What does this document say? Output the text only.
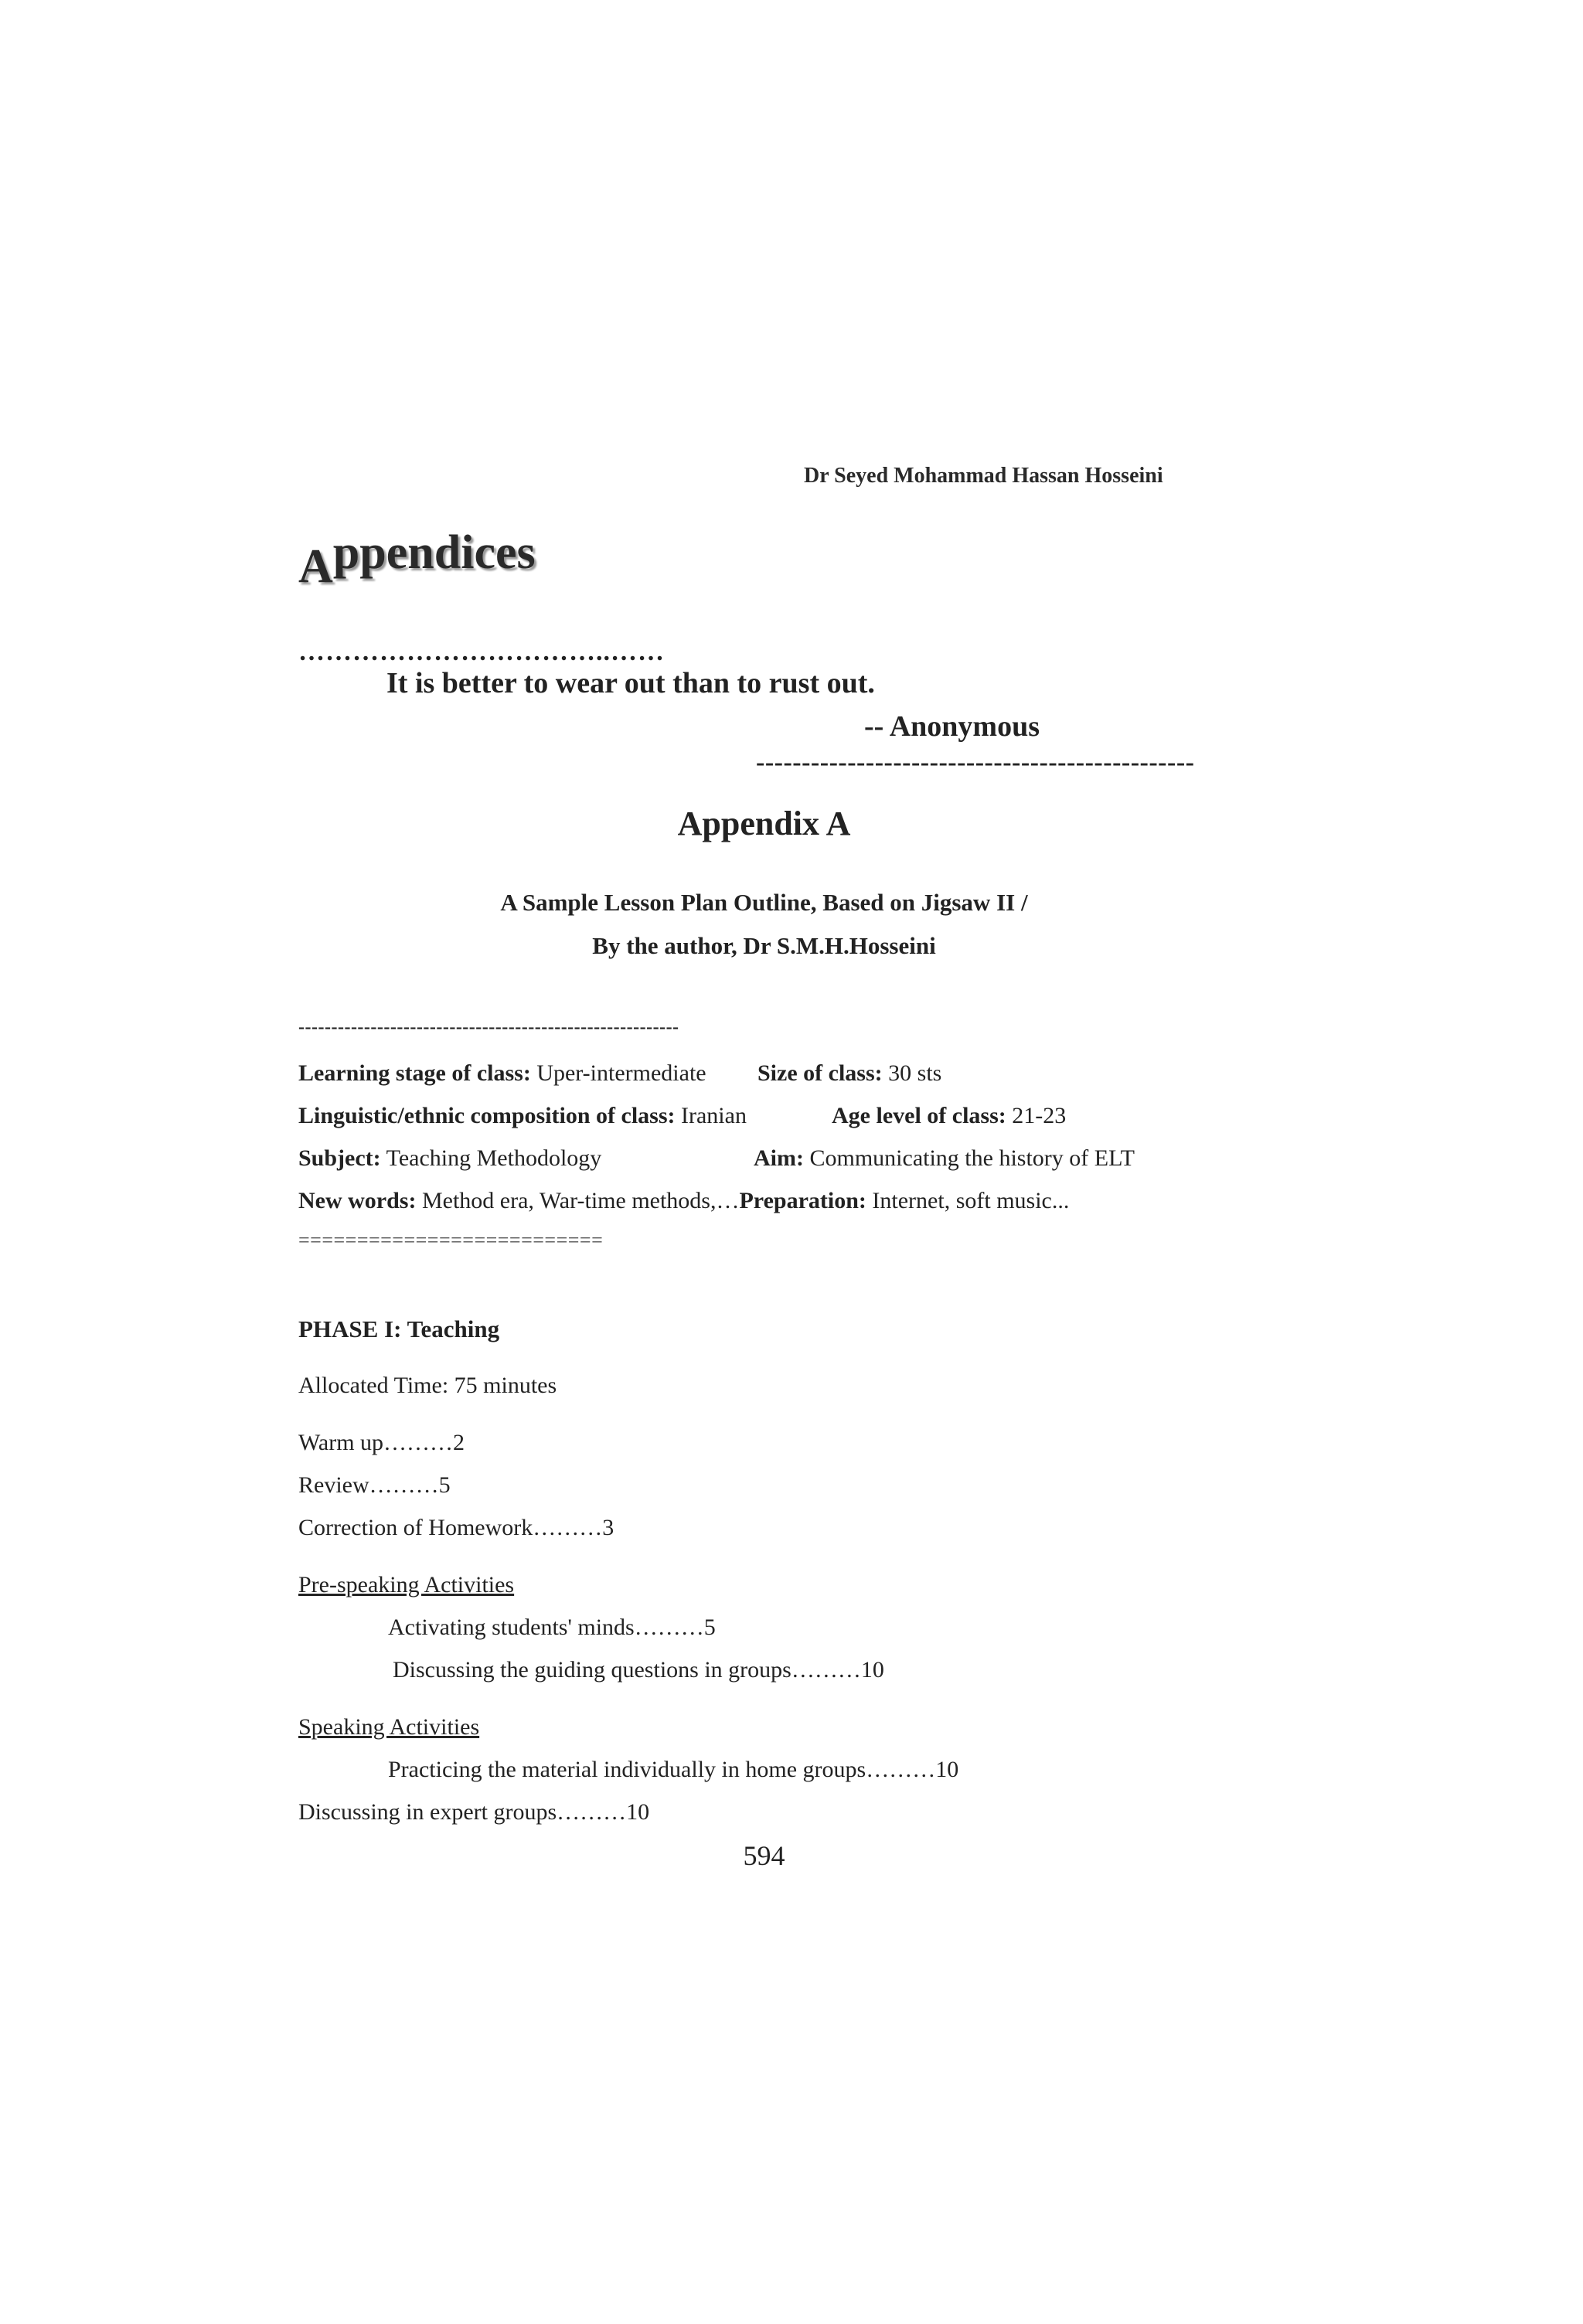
Dr Seyed Mohammad Hassan Hosseini
Appendices
……………………………..……
It is better to wear out than to rust out.
-- Anonymous
------------------------------------------------
Appendix A
A Sample Lesson Plan Outline, Based on Jigsaw II /
By the author, Dr S.M.H.Hosseini
----------------------------------------------------------
Learning stage of class: Uper-intermediate Size of class: 30 sts
Linguistic/ethnic composition of class: Iranian	Age level of class: 21-23
Subject: Teaching Methodology	Aim: Communicating the history of ELT
New words: Method era, War-time methods,…Preparation: Internet, soft music...
==========================
PHASE I: Teaching
Allocated Time: 75 minutes
Warm up………2
Review………5
Correction of Homework………3
Pre-speaking Activities
Activating students' minds………5
Discussing the guiding questions in groups………10
Speaking Activities
Practicing the material individually in home groups………10
Discussing in expert groups………10
594
